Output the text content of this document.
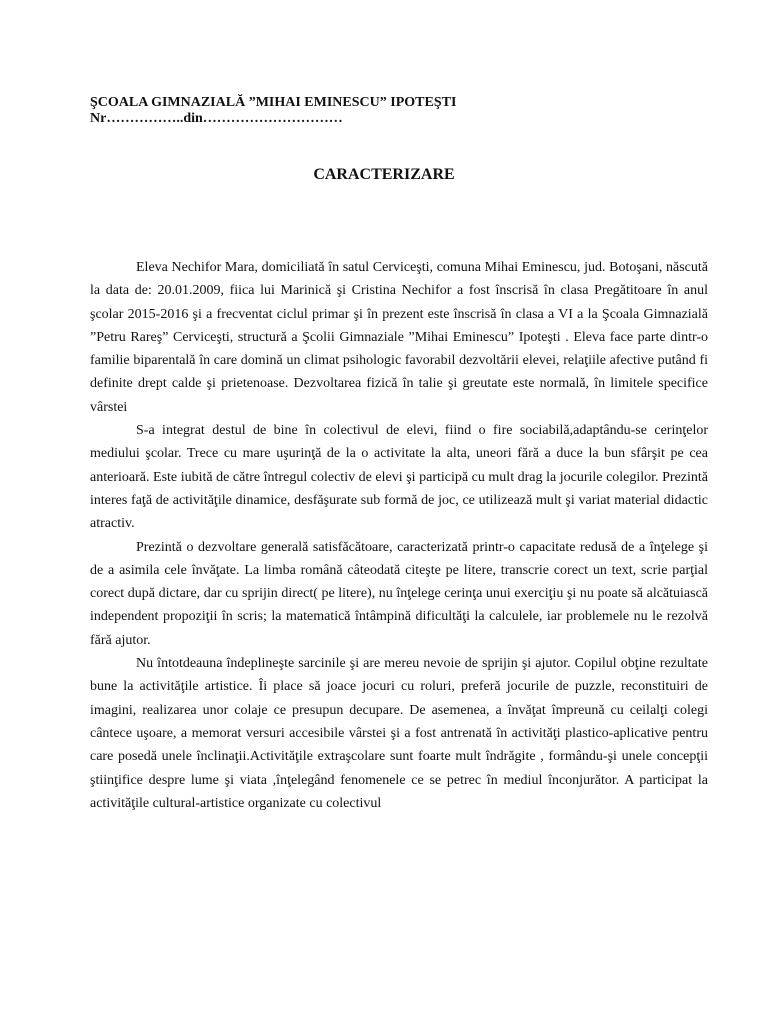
ŞCOALA GIMNAZIALĂ ”MIHAI EMINESCU” IPOTEŞTI
Nr……………..din…………………………
CARACTERIZARE

Eleva Nechifor Mara, domiciliată în satul Cerviceşti, comuna Mihai Eminescu, jud. Botoşani, născută la data de: 20.01.2009, fiica lui Marinică şi Cristina Nechifor a fost înscrisă în clasa Pregătitoare în anul şcolar 2015-2016 şi a frecventat ciclul primar şi în prezent este înscrisă în clasa a VI a la Şcoala Gimnazială ”Petru Rareş” Cerviceşti, structură a Şcolii Gimnaziale ”Mihai Eminescu” Ipoteşti . Eleva face parte dintr-o familie biparentală în care domină un climat psihologic favorabil dezvoltării elevei, relaţiile afective putând fi definite drept calde şi prietenoase. Dezvoltarea fizică în talie şi greutate este normală, în limitele specifice vârstei

S-a integrat destul de bine în colectivul de elevi, fiind o fire sociabilă,adaptându-se cerinţelor mediului şcolar. Trece cu mare uşurinţă de la o activitate la alta, uneori fără a duce la bun sfârşit pe cea anterioară. Este iubită de către întregul colectiv de elevi şi participă cu mult drag la jocurile colegilor. Prezintă interes faţă de activităţile dinamice, desfăşurate sub formă de joc, ce utilizează mult şi variat material didactic atractiv.

Prezintă o dezvoltare generală satisfăcătoare, caracterizată printr-o capacitate redusă de a înţelege şi de a asimila cele învăţate. La limba română câteodată citeşte pe litere, transcrie corect un text, scrie parţial corect după dictare, dar cu sprijin direct( pe litere), nu înţelege cerinţa unui exerciţiu şi nu poate să alcătuiască independent propoziţii în scris; la matematică întâmpină dificultăţi la calculele, iar problemele nu le rezolvă fără ajutor.

Nu întotdeauna îndeplineşte sarcinile şi are mereu nevoie de sprijin şi ajutor. Copilul obţine rezultate bune la activităţile artistice. Îi place să joace jocuri cu roluri, preferă jocurile de puzzle, reconstituiri de imagini, realizarea unor colaje ce presupun decupare. De asemenea, a învăţat împreună cu ceilalţi colegi cântece uşoare, a memorat versuri accesibile vârstei şi a fost antrenată în activităţi plastico-aplicative pentru care posedă unele înclinaţii.Activităţile extraşcolare sunt foarte mult îndrăgite , formându-şi unele concepţii ştiinţifice despre lume şi viata ,înţelegând fenomenele ce se petrec în mediul înconjurător. A participat la activităţile cultural-artistice organizate cu colectivul
